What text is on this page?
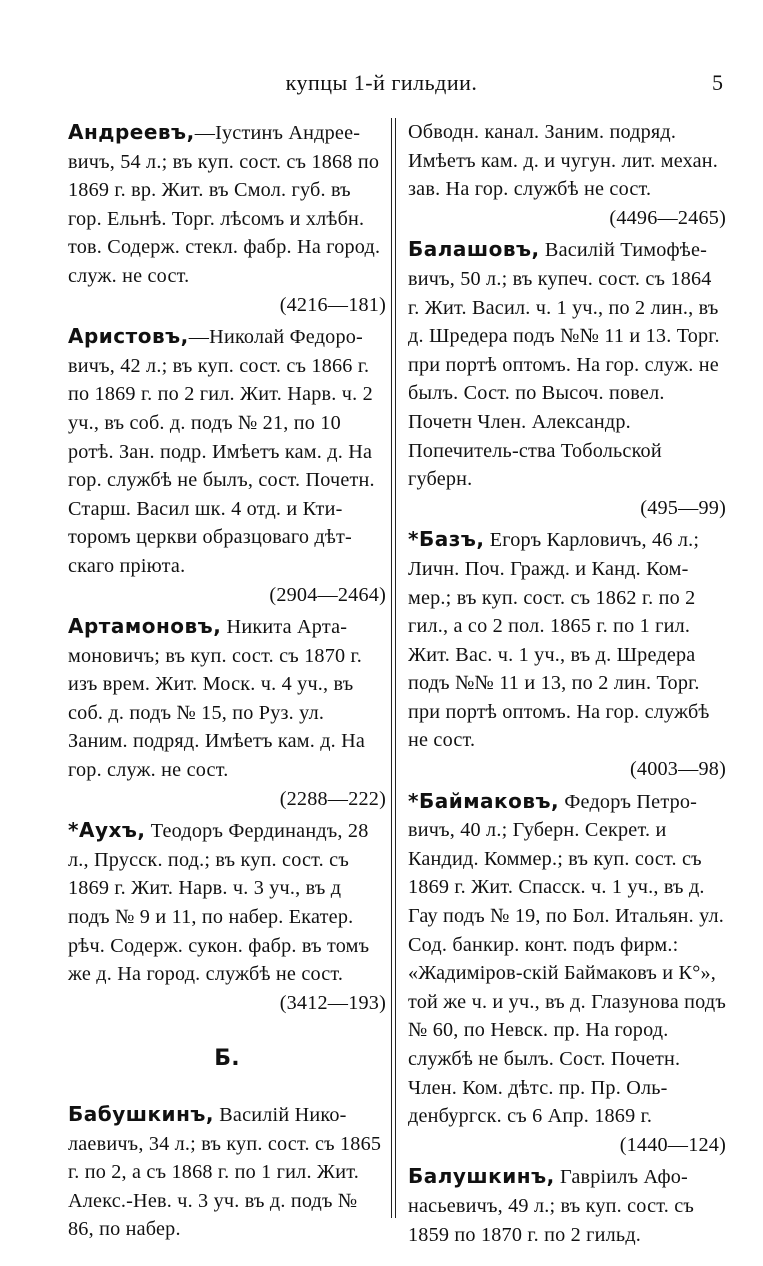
купцы 1-й гильдии.	5
Андреевъ,—Іустинъ Андрее-вичъ, 54 л.; въ куп. сост. съ 1868 по 1869 г. вр. Жит. въ Смол. губ. въ гор. Ельнѣ. Торг. лѣсомъ и хлѣбн. тов. Содерж. стекл. фабр. На город. служ. не сост.
(4216—181)
Аристовъ,—Николай Федоро-вичъ, 42 л.; въ куп. сост. съ 1866 г. по 1869 г. по 2 гил. Жит. Нарв. ч. 2 уч., въ соб. д. подъ № 21, по 10 ротѣ. Зан. подр. Имѣетъ кам. д. На гор. службѣ не былъ, сост. Почетн. Старш. Васил шк. 4 отд. и Кти-торомъ церкви образцоваго дѣт-скаго пріюта.
(2904—2464)
Артамоновъ, Никита Арта-моновичъ; въ куп. сост. съ 1870 г. изъ врем. Жит. Моск. ч. 4 уч., въ соб. д. подъ № 15, по Руз. ул. Заним. подряд. Имѣетъ кам. д. На гор. служ. не сост.
(2288—222)
*Аухъ, Теодоръ Фердинандъ, 28 л., Прусск. под.; въ куп. сост. съ 1869 г. Жит. Нарв. ч. 3 уч., въ д подъ № 9 и 11, по набер. Екатер. рѣч. Содерж. сукон. фабр. въ томъ же д. На город. службѣ не сост.
(3412—193)
Б.
Бабушкинъ, Василій Нико-лаевичъ, 34 л.; въ куп. сост. съ 1865 г. по 2, а съ 1868 г. по 1 гил. Жит. Алекс.-Нев. ч. 3 уч. въ д. подъ № 86, по набер.
Обводн. канал. Заним. подряд. Имѣетъ кам. д. и чугун. лит. механ. зав. На гор. службѣ не сост.
(4496—2465)
Балашовъ, Василій Тимофѣе-вичъ, 50 л.; въ купеч. сост. съ 1864 г. Жит. Васил. ч. 1 уч., по 2 лин., въ д. Шредера подъ №№ 11 и 13. Торг. при портѣ оптомъ. На гор. служ. не былъ. Сост. по Высоч. повел. Почетн Член. Александр. Попечитель-ства Тобольской губерн.
(495—99)
*Базъ, Егоръ Карловичъ, 46 л.; Личн. Поч. Гражд. и Канд. Ком-мер.; въ куп. сост. съ 1862 г. по 2 гил., а со 2 пол. 1865 г. по 1 гил. Жит. Вас. ч. 1 уч., въ д. Шредера подъ №№ 11 и 13, по 2 лин. Торг. при портѣ оптомъ. На гор. службѣ не сост.
(4003—98)
*Баймаковъ, Федоръ Петро-вичъ, 40 л.; Губерн. Секрет. и Кандид. Коммер.; въ куп. сост. съ 1869 г. Жит. Спасск. ч. 1 уч., въ д. Гау подъ № 19, по Бол. Итальян. ул. Сод. банкир. конт. подъ фирм.: «Жадиміров-скій Баймаковъ и К°», той же ч. и уч., въ д. Глазунова подъ № 60, по Невск. пр. На город. службѣ не былъ. Сост. Почетн. Член. Ком. дѣтс. пр. Пр. Оль-денбургск. съ 6 Апр. 1869 г.
(1440—124)
Балушкинъ, Гавріилъ Афо-насьевичъ, 49 л.; въ куп. сост. съ 1859 по 1870 г. по 2 гильд.
